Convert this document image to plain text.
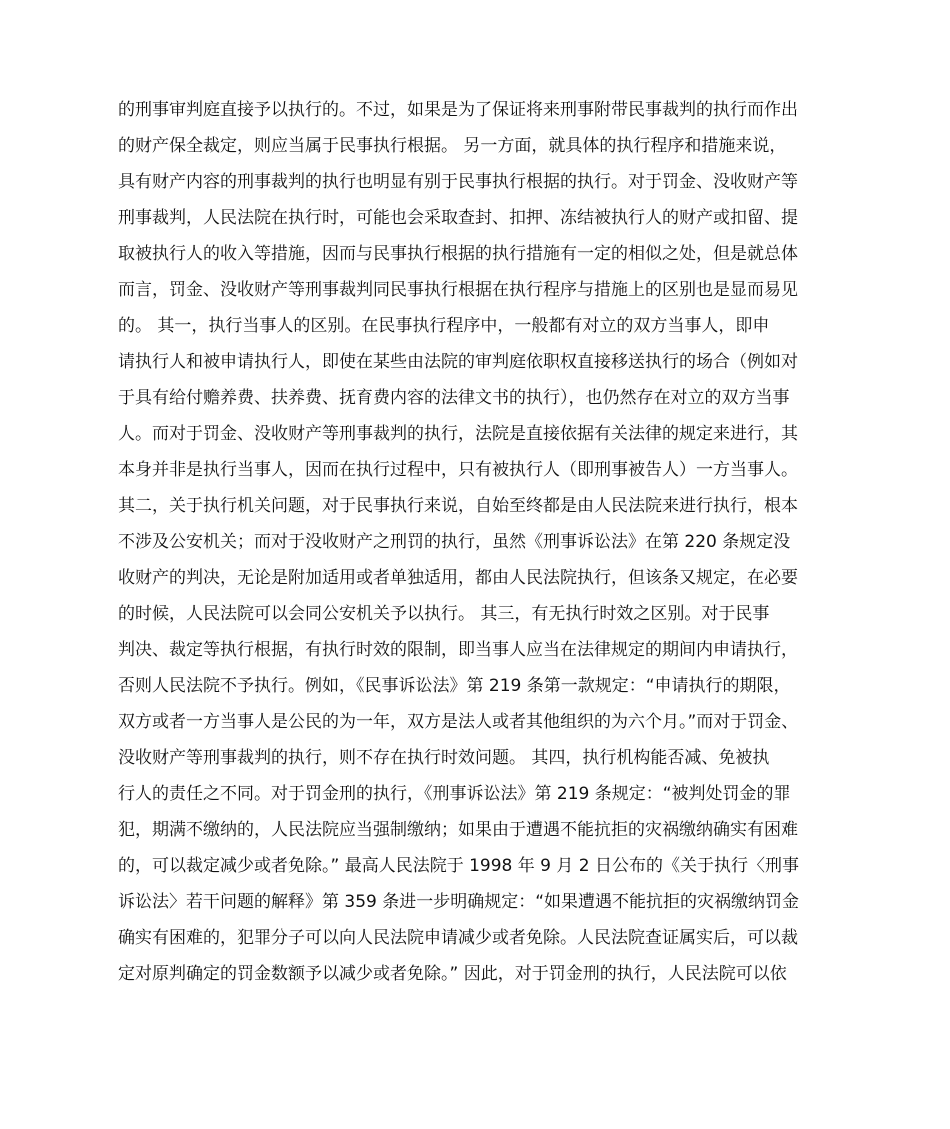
的刑事审判庭直接予以执行的。不过，如果是为了保证将来刑事附带民事裁判的执行而作出
的财产保全裁定，则应当属于民事执行根据。 另一方面，就具体的执行程序和措施来说，
具有财产内容的刑事裁判的执行也明显有别于民事执行根据的执行。对于罚金、没收财产等
刑事裁判，人民法院在执行时，可能也会采取查封、扣押、冻结被执行人的财产或扣留、提
取被执行人的收入等措施，因而与民事执行根据的执行措施有一定的相似之处，但是就总体
而言，罚金、没收财产等刑事裁判同民事执行根据在执行程序与措施上的区别也是显而易见
的。 其一，执行当事人的区别。在民事执行程序中，一般都有对立的双方当事人，即申
请执行人和被申请执行人，即使在某些由法院的审判庭依职权直接移送执行的场合（例如对
于具有给付赡养费、扶养费、抚育费内容的法律文书的执行），也仍然存在对立的双方当事
人。而对于罚金、没收财产等刑事裁判的执行，法院是直接依据有关法律的规定来进行，其
本身并非是执行当事人，因而在执行过程中，只有被执行人（即刑事被告人）一方当事人。
其二，关于执行机关问题，对于民事执行来说，自始至终都是由人民法院来进行执行，根本
不涉及公安机关；而对于没收财产之刑罚的执行，虽然《刑事诉讼法》在第 220 条规定没
收财产的判决，无论是附加适用或者单独适用，都由人民法院执行，但该条又规定，在必要
的时候，人民法院可以会同公安机关予以执行。 其三，有无执行时效之区别。对于民事
判决、裁定等执行根据，有执行时效的限制，即当事人应当在法律规定的期间内申请执行，
否则人民法院不予执行。例如，《民事诉讼法》第 219 条第一款规定：“申请执行的期限，
双方或者一方当事人是公民的为一年，双方是法人或者其他组织的为六个月。”而对于罚金、
没收财产等刑事裁判的执行，则不存在执行时效问题。 其四，执行机构能否减、免被执
行人的责任之不同。对于罚金刑的执行，《刑事诉讼法》第 219 条规定：“被判处罚金的罪
犯，期满不缴纳的，人民法院应当强制缴纳；如果由于遭遇不能抗拒的灾祸缴纳确实有困难
的，可以裁定减少或者免除。” 最高人民法院于 1998 年 9 月 2 日公布的《关于执行〈刑事
诉讼法〉若干问题的解释》第 359 条进一步明确规定：“如果遭遇不能抗拒的灾祸缴纳罚金
确实有困难的，犯罪分子可以向人民法院申请减少或者免除。人民法院查证属实后，可以裁
定对原判确定的罚金数额予以减少或者免除。” 因此，对于罚金刑的执行，人民法院可以依
